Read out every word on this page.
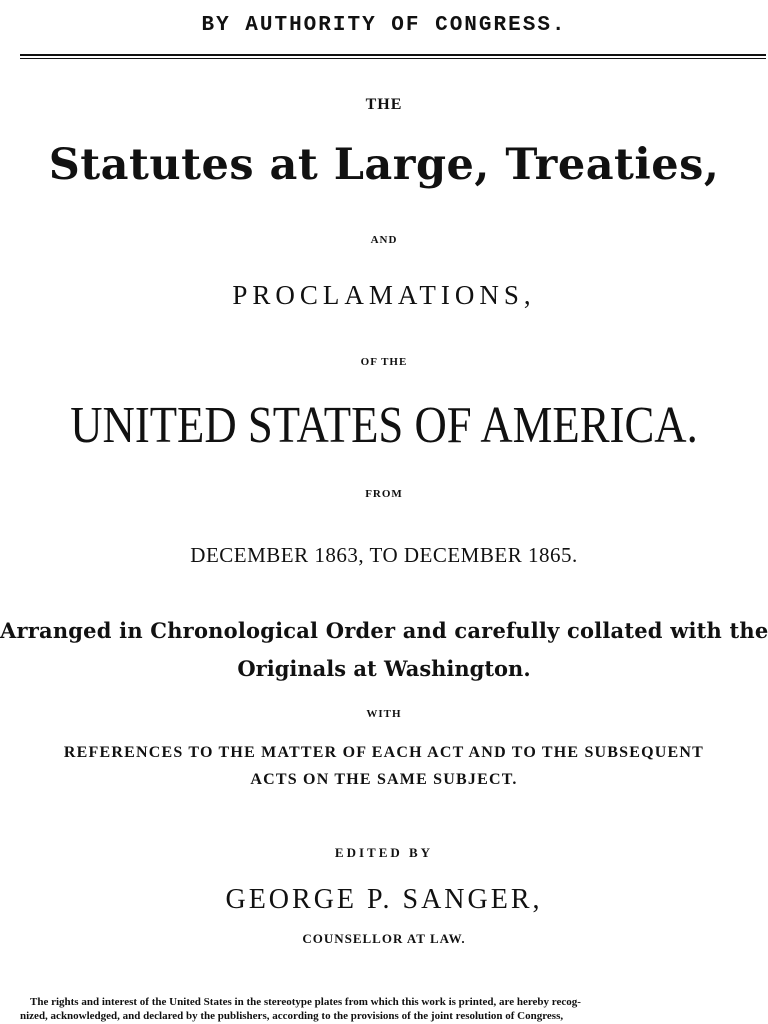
BY AUTHORITY OF CONGRESS.
THE
Statutes at Large, Treaties,
AND
PROCLAMATIONS,
OF THE
UNITED STATES OF AMERICA.
FROM
DECEMBER 1863, TO DECEMBER 1865.
Arranged in Chronological Order and carefully collated with the
Originals at Washington.
WITH
REFERENCES TO THE MATTER OF EACH ACT AND TO THE SUBSEQUENT
ACTS ON THE SAME SUBJECT.
EDITED BY
GEORGE P. SANGER,
COUNSELLOR AT LAW.
The rights and interest of the United States in the stereotype plates from which this work is printed, are hereby recog-
nized, acknowledged, and declared by the publishers, according to the provisions of the joint resolution of Congress,
